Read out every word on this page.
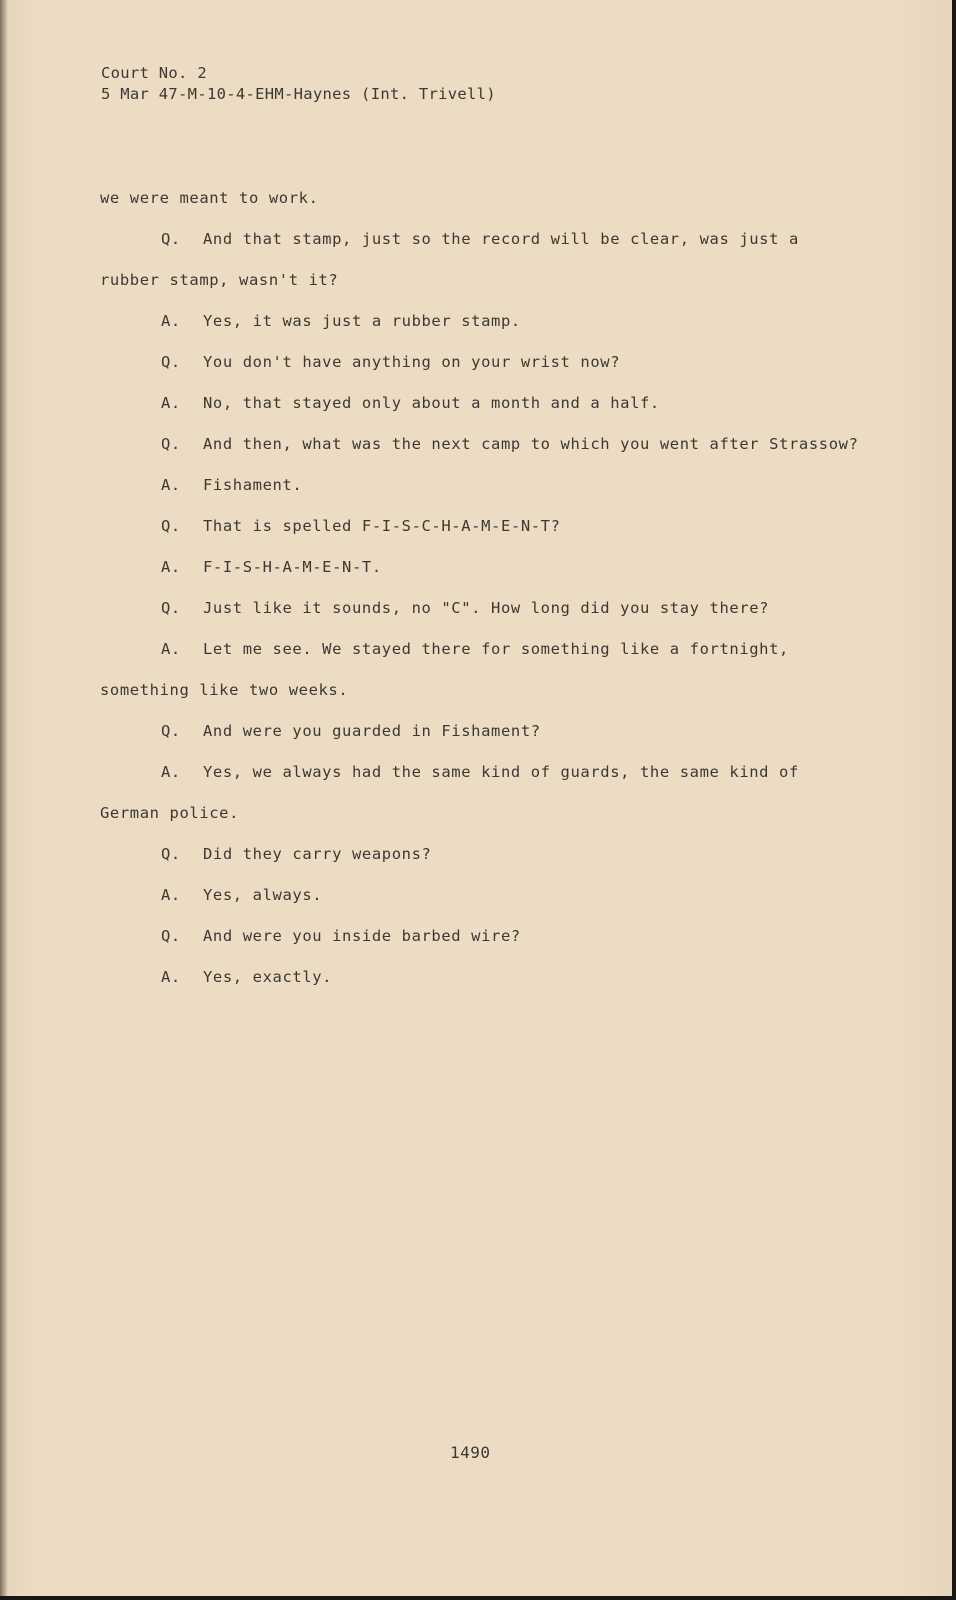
Court No. 2
5 Mar 47-M-10-4-EHM-Haynes (Int. Trivell)
we were meant to work.
Q. And that stamp, just so the record will be clear, was just a
rubber stamp, wasn't it?
A. Yes, it was just a rubber stamp.
Q. You don't have anything on your wrist now?
A. No, that stayed only about a month and a half.
Q. And then, what was the next camp to which you went after Strassow?
A. Fishament.
Q. That is spelled F-I-S-C-H-A-M-E-N-T?
A. F-I-S-H-A-M-E-N-T.
Q. Just like it sounds, no "C". How long did you stay there?
A. Let me see. We stayed there for something like a fortnight,
something like two weeks.
Q. And were you guarded in Fishament?
A. Yes, we always had the same kind of guards, the same kind of
German police.
Q. Did they carry weapons?
A. Yes, always.
Q. And were you inside barbed wire?
A. Yes, exactly.
1490
